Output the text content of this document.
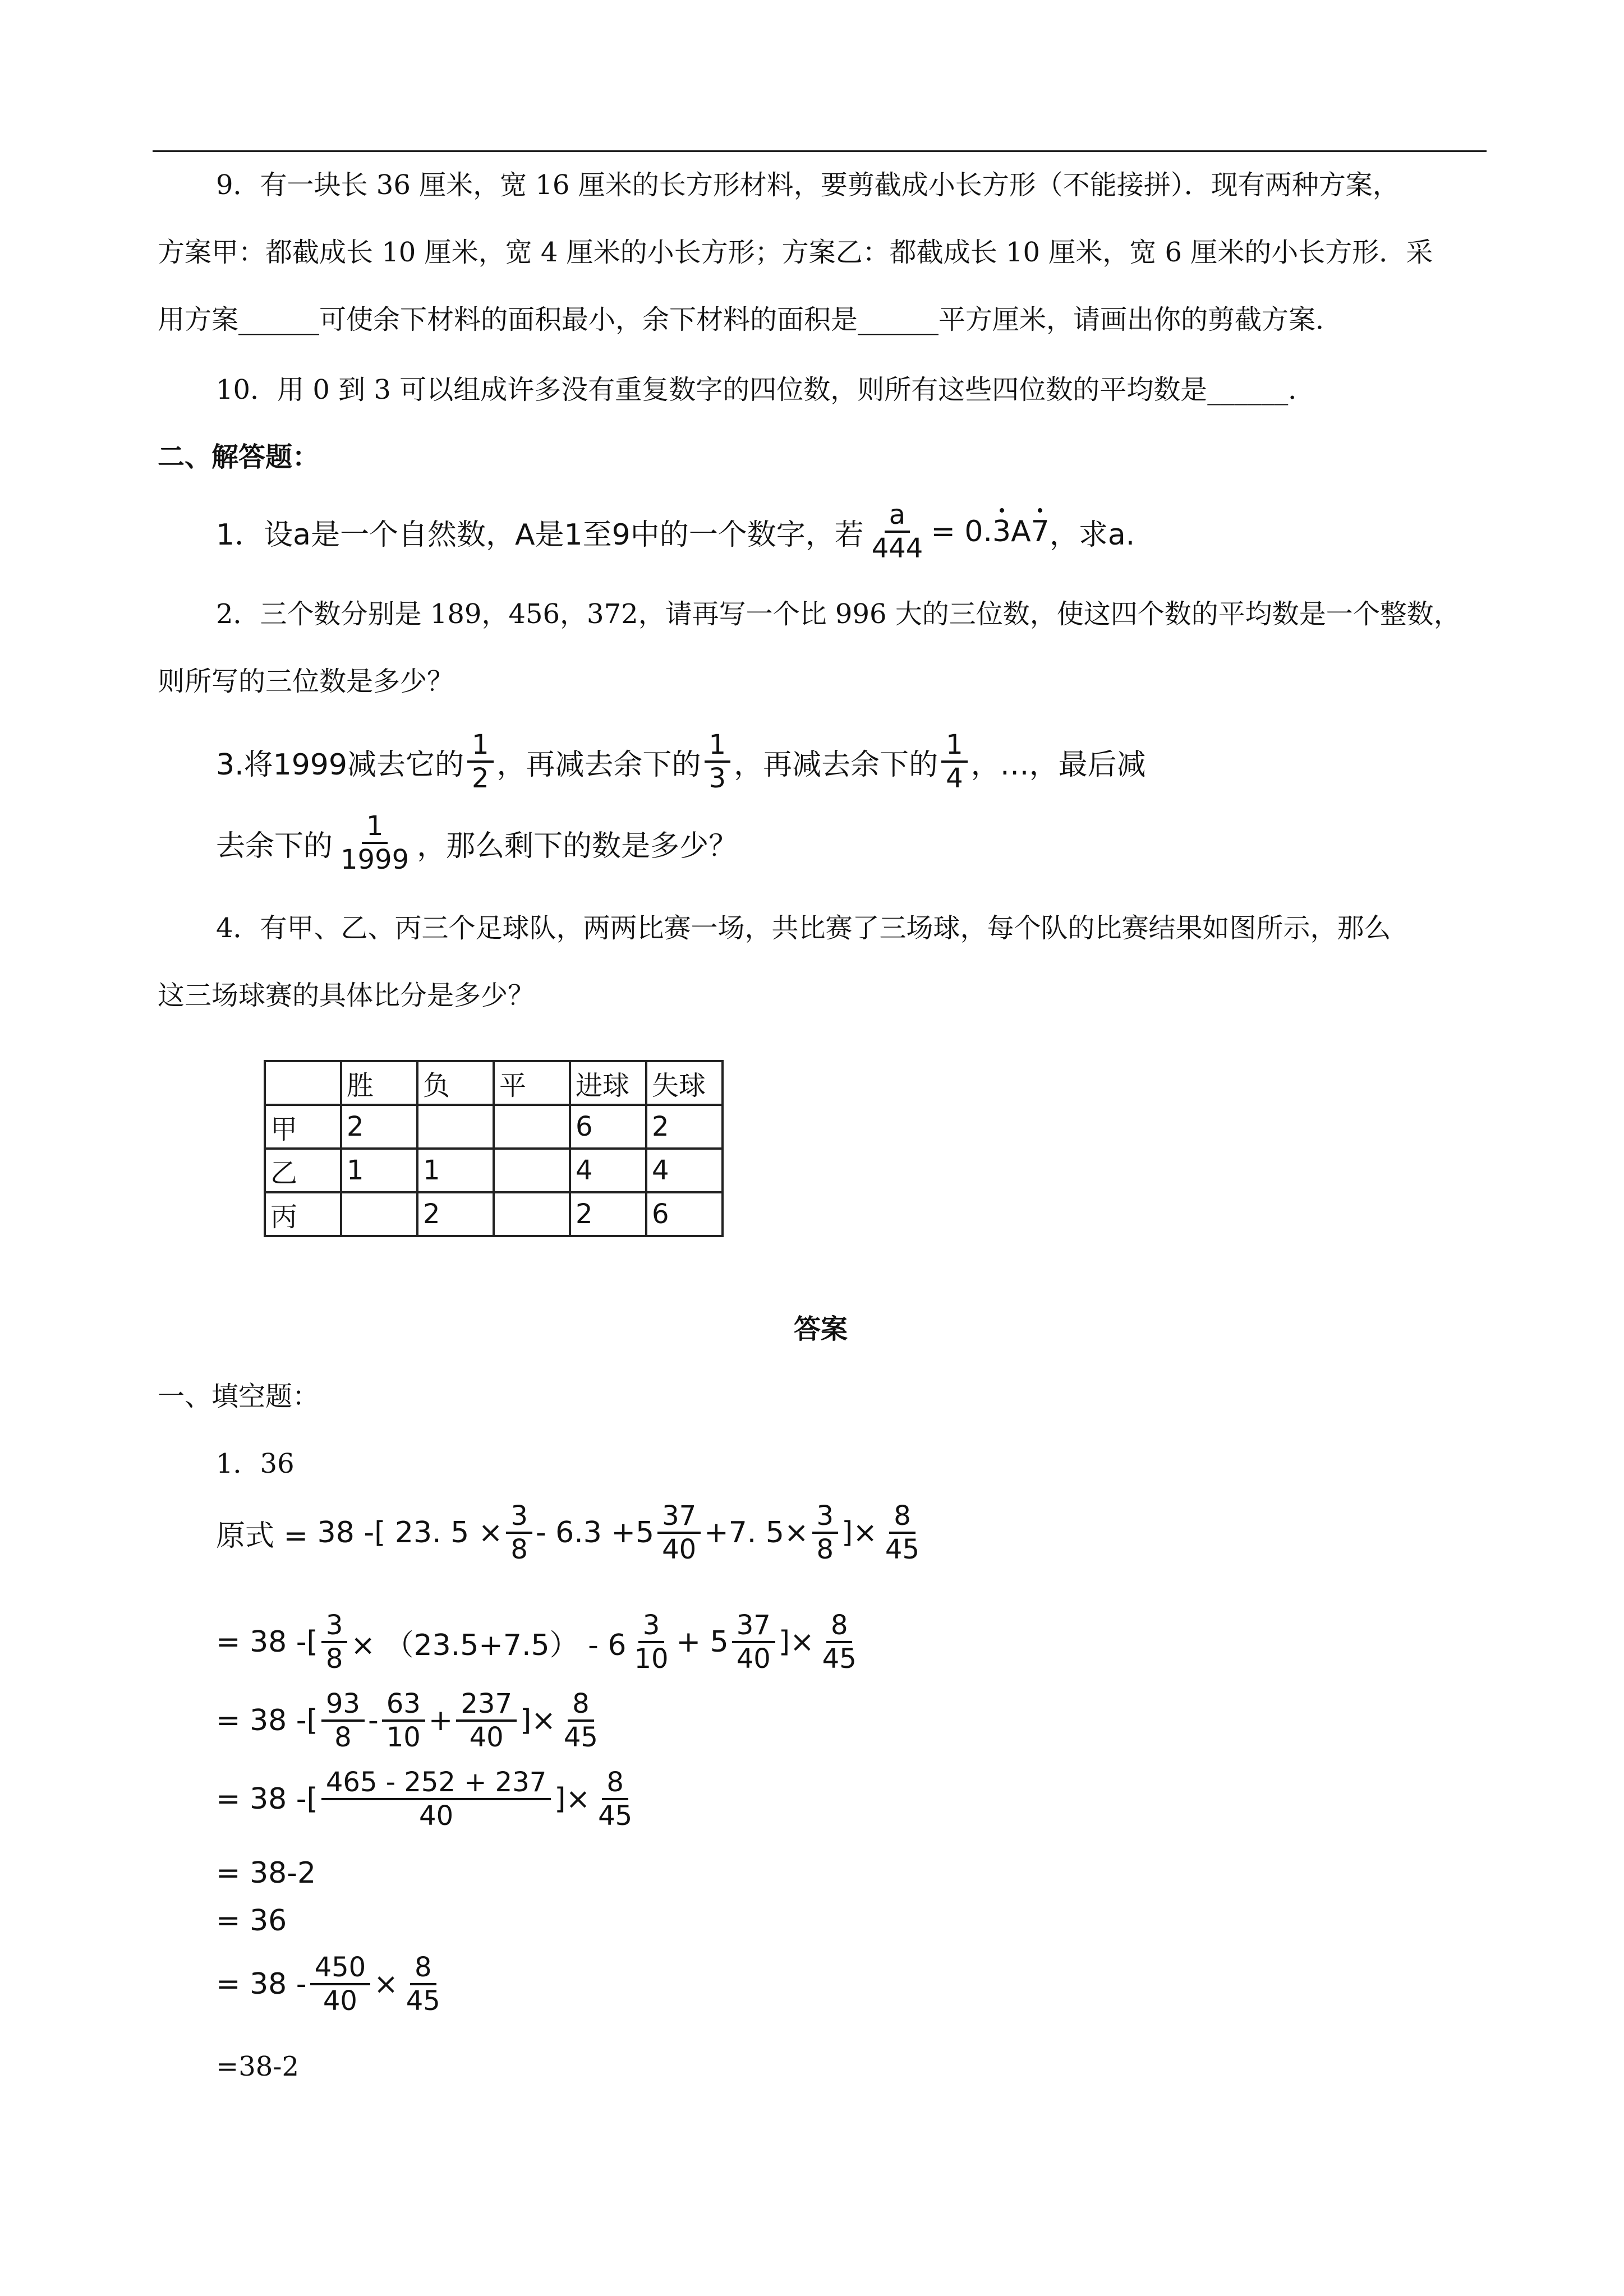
9．有一块长 36 厘米，宽 16 厘米的长方形材料，要剪截成小长方形（不能接拼）．现有两种方案，
方案甲：都截成长 10 厘米，宽 4 厘米的小长方形；方案乙：都截成长 10 厘米，宽 6 厘米的小长方形．采
用方案______可使余下材料的面积最小，余下材料的面积是______平方厘米，请画出你的剪截方案．
10．用 0 到 3 可以组成许多没有重复数字的四位数，则所有这些四位数的平均数是______．
二、解答题：
1．设a是一个自然数，A是1至9中的一个数字，若 $\frac{a}{444} = 0$. 3 A 7 ，求a.
2．三个数分别是 189，456，372，请再写一个比 996 大的三位数，使这四个数的平均数是一个整数，
则所写的三位数是多少？
3.将1999减去它的 $\frac{1}{2}$ ，再减去余下的 $\frac{1}{3}$ ，再减去余下的 $\frac{1}{4}$ ，…，最后减
去余下的 $\frac{1}{1999}$ ，那么剩下的数是多少？
4．有甲、乙、丙三个足球队，两两比赛一场，共比赛了三场球，每个队的比赛结果如图所示，那么
这三场球赛的具体比分是多少？
	胜	负	平	进球	失球
甲	2			6	2
乙	1	1		4	4
丙		2		2	6
答案
一、填空题：
1．36
原式 =
38 -[ 23. $5 \times \frac{3}{8} - 6.3 +5 \frac{37}{40} +7$. $5\times \frac{3}{8}$ ]× $\frac{8}{45}$
= 38 -[ $\frac{3}{8} \times (23.5+7.5) - 6 \frac{3}{10} + 5 \frac{37}{40}$ ]× $\frac{8}{45}$
= 38 -[ $\frac{93}{8} - \frac{63}{10} + \frac{237}{40}$ ]× $\frac{8}{45}$
= 38 -[ $\frac{465 - 252 + 237}{40}$ ]× $\frac{8}{45}$
= 38-2
= 36
= $38 - \frac{450}{40} \times \frac{8}{45}$
=38-2
